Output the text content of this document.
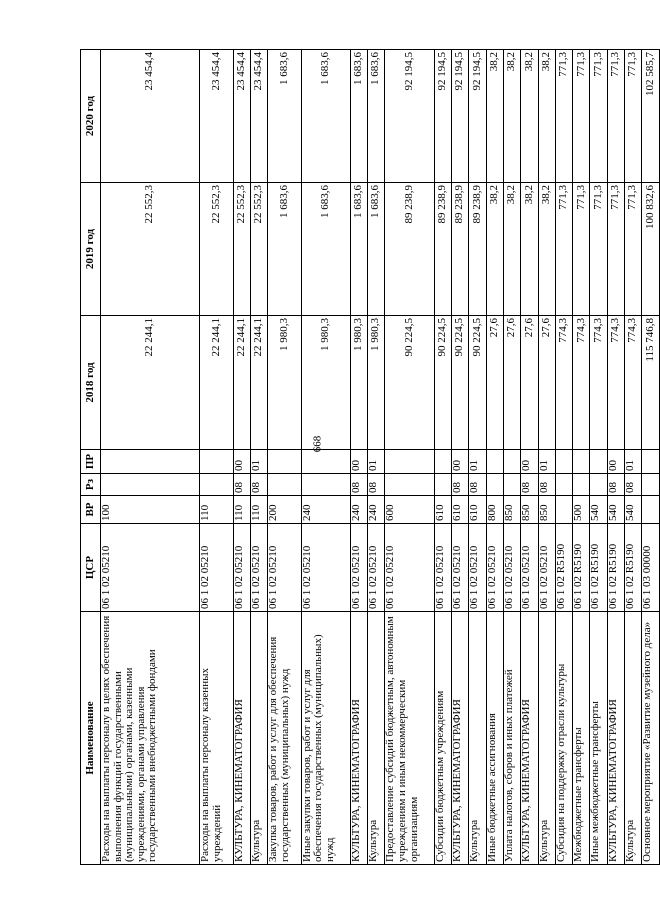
668
Наименование	ЦСР	ВР	Рз	ПР	2018 год	2019 год	2020 год
Расходы на выплаты персоналу в целях обеспечения выполнения функций государственными (муниципальными) органами, казенными учреждениями, органами управления государственными внебюджетными фондами	06 1 02 05210	100			22 244,1	22 552,3	23 454,4
Расходы на выплаты персоналу казенных учреждений	06 1 02 05210	110			22 244,1	22 552,3	23 454,4
КУЛЬТУРА, КИНЕМАТОГРАФИЯ	06 1 02 05210	110	08	00	22 244,1	22 552,3	23 454,4
Культура	06 1 02 05210	110	08	01	22 244,1	22 552,3	23 454,4
Закупка товаров, работ и услуг для обеспечения государственных (муниципальных) нужд	06 1 02 05210	200			1 980,3	1 683,6	1 683,6
Иные закупки товаров, работ и услуг для обеспечения государственных (муниципальных) нужд	06 1 02 05210	240			1 980,3	1 683,6	1 683,6
КУЛЬТУРА, КИНЕМАТОГРАФИЯ	06 1 02 05210	240	08	00	1 980,3	1 683,6	1 683,6
Культура	06 1 02 05210	240	08	01	1 980,3	1 683,6	1 683,6
Предоставление субсидий бюджетным, автономным учреждениям и иным некоммерческим организациям	06 1 02 05210	600			90 224,5	89 238,9	92 194,5
Субсидии бюджетным учреждениям	06 1 02 05210	610			90 224,5	89 238,9	92 194,5
КУЛЬТУРА, КИНЕМАТОГРАФИЯ	06 1 02 05210	610	08	00	90 224,5	89 238,9	92 194,5
Культура	06 1 02 05210	610	08	01	90 224,5	89 238,9	92 194,5
Иные бюджетные ассигнования	06 1 02 05210	800			27,6	38,2	38,2
Уплата налогов, сборов и иных платежей	06 1 02 05210	850			27,6	38,2	38,2
КУЛЬТУРА, КИНЕМАТОГРАФИЯ	06 1 02 05210	850	08	00	27,6	38,2	38,2
Культура	06 1 02 05210	850	08	01	27,6	38,2	38,2
Субсидия на поддержку отрасли культуры	06 1 02 R5190				774,3	771,3	771,3
Межбюджетные трансферты	06 1 02 R5190	500			774,3	771,3	771,3
Иные межбюджетные трансферты	06 1 02 R5190	540			774,3	771,3	771,3
КУЛЬТУРА, КИНЕМАТОГРАФИЯ	06 1 02 R5190	540	08	00	774,3	771,3	771,3
Культура	06 1 02 R5190	540	08	01	774,3	771,3	771,3
Основное мероприятие «Развитие музейного дела»	06 1 03 00000				115 746,8	100 832,6	102 585,7
